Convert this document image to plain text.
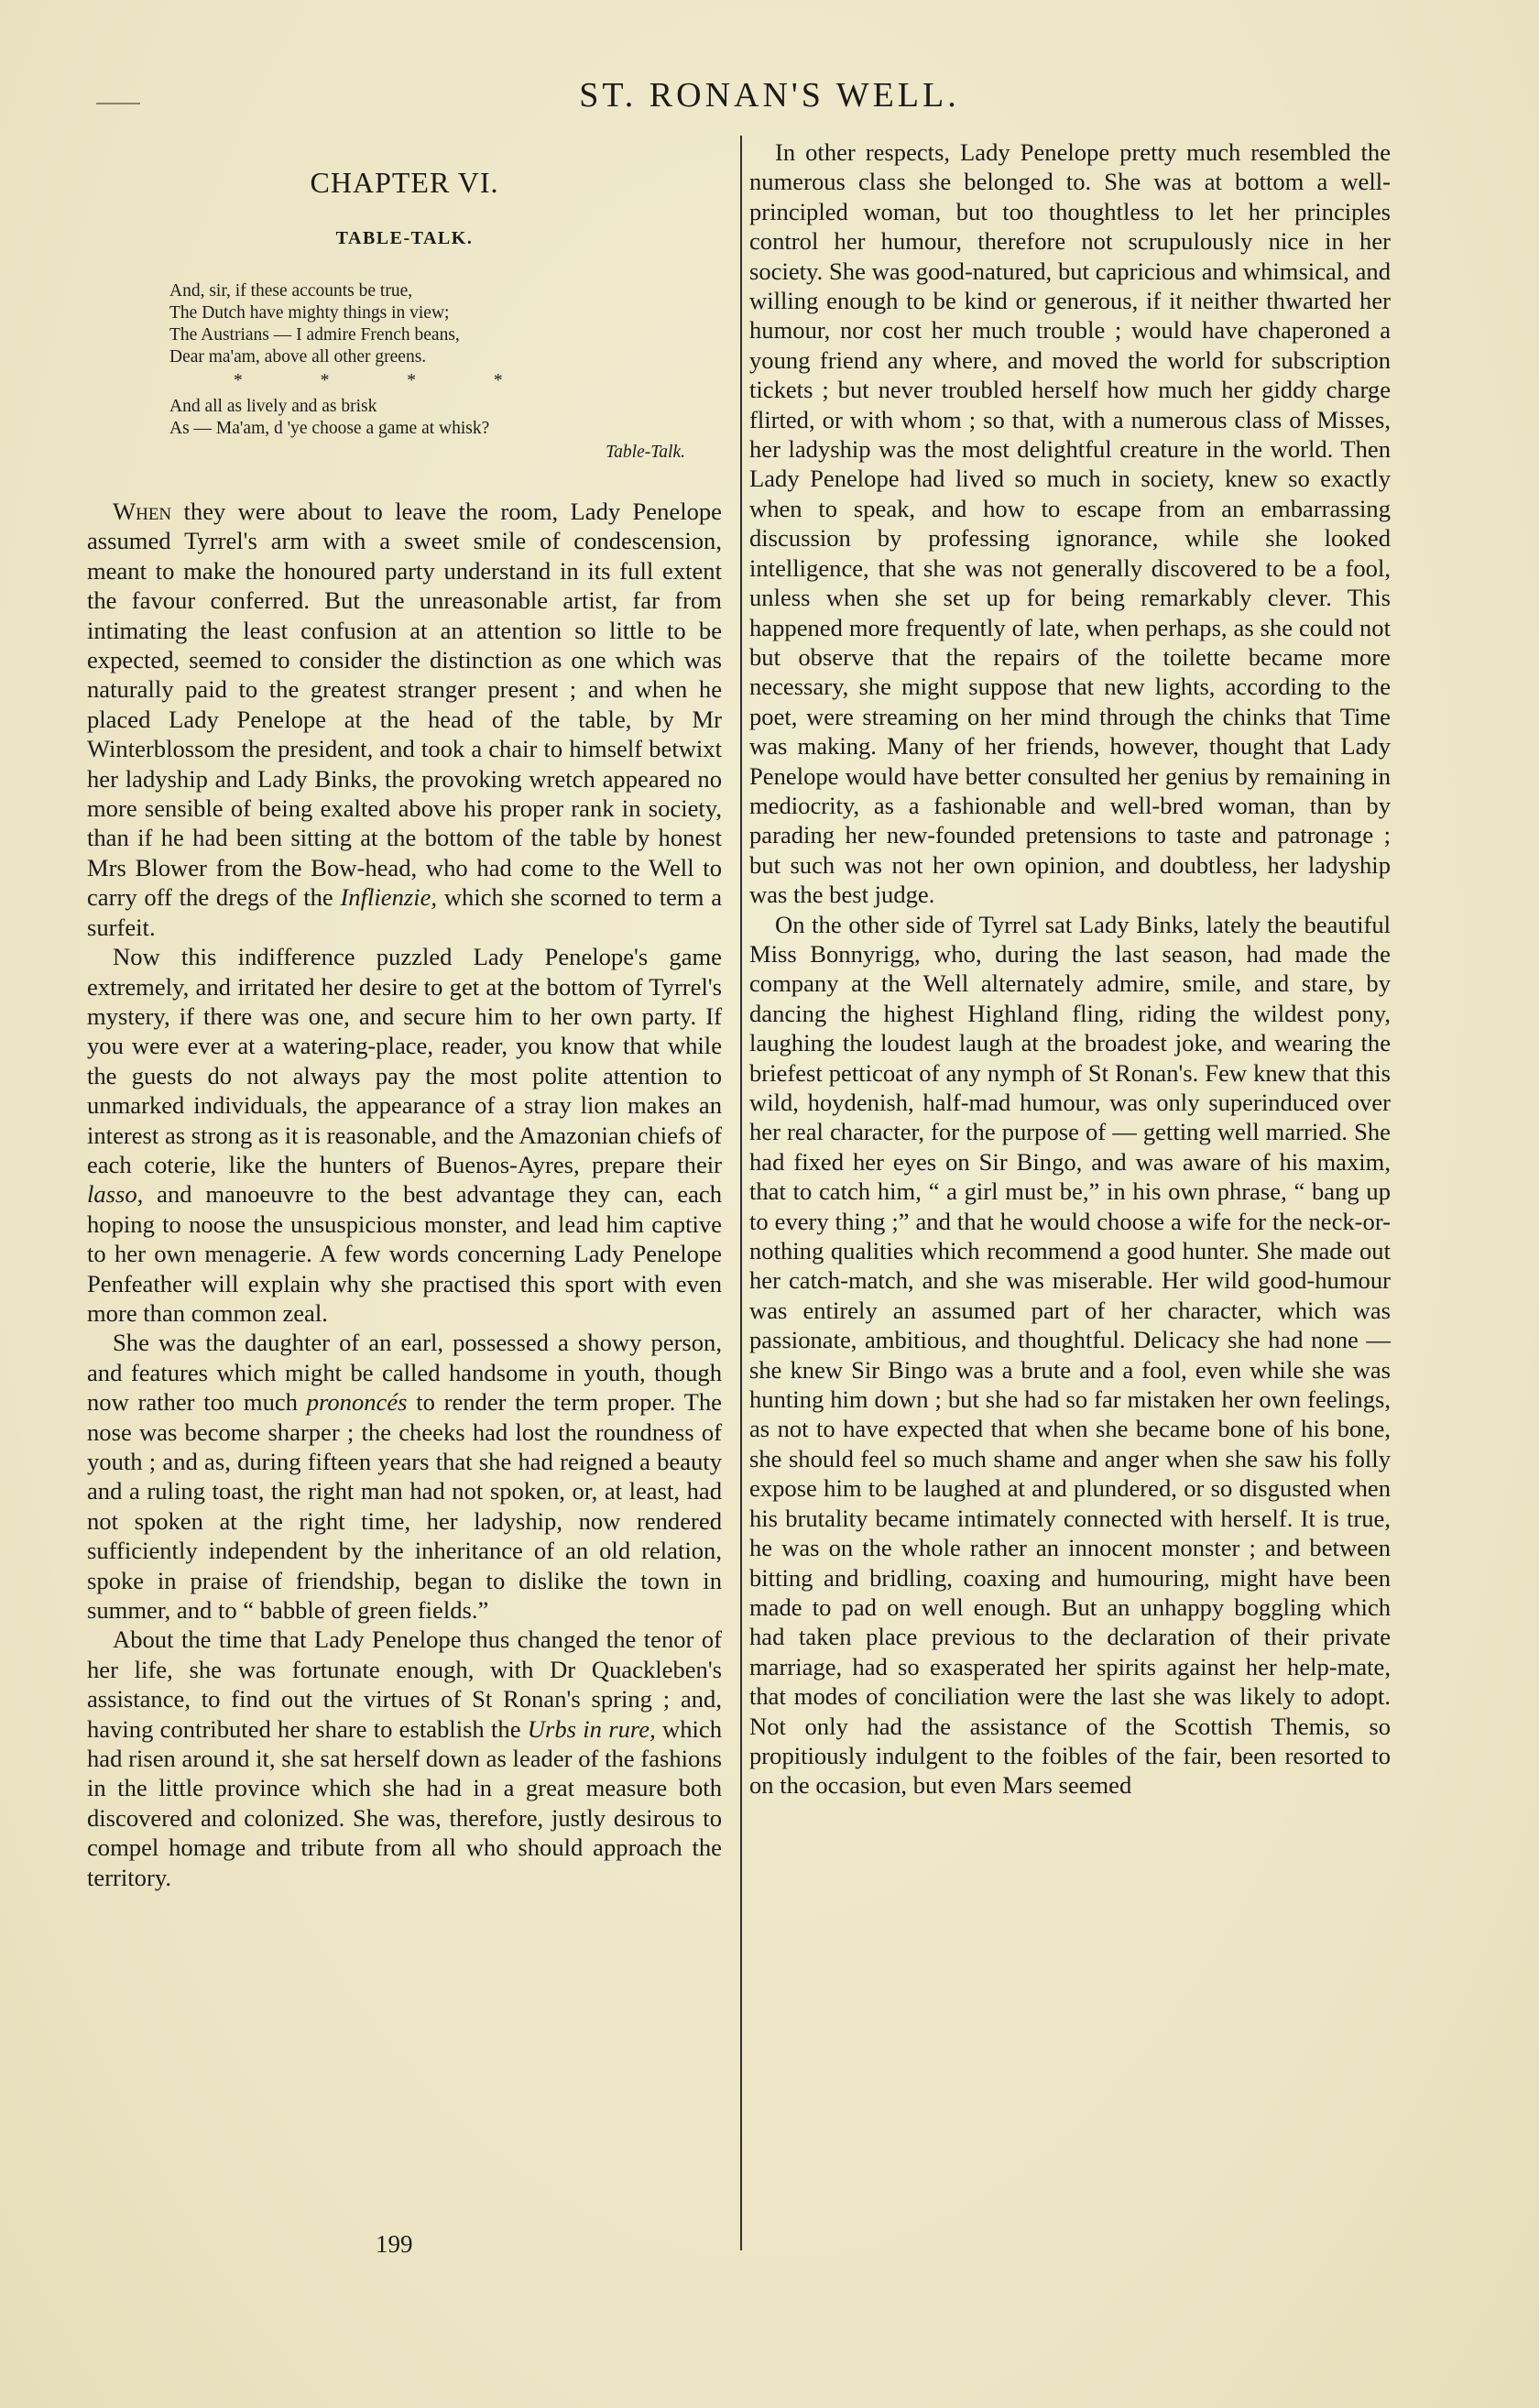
ST. RONAN'S WELL.
CHAPTER VI.
TABLE-TALK.
And, sir, if these accounts be true,
The Dutch have mighty things in view;
The Austrians — I admire French beans,
Dear ma'am, above all other greens.
* * * *
And all as lively and as brisk
As — Ma'am, d 'ye choose a game at whisk?
Table-Talk.

When they were about to leave the room, Lady Penelope assumed Tyrrel's arm with a sweet smile of condescension, meant to make the honoured party understand in its full extent the favour conferred. But the unreasonable artist, far from intimating the least confusion at an attention so little to be expected, seemed to consider the distinction as one which was naturally paid to the greatest stranger present ; and when he placed Lady Penelope at the head of the table, by Mr Winterblossom the president, and took a chair to himself betwixt her ladyship and Lady Binks, the provoking wretch appeared no more sensible of being exalted above his proper rank in society, than if he had been sitting at the bottom of the table by honest Mrs Blower from the Bow-head, who had come to the Well to carry off the dregs of the Inflienzie, which she scorned to term a surfeit.

Now this indifference puzzled Lady Penelope's game extremely, and irritated her desire to get at the bottom of Tyrrel's mystery, if there was one, and secure him to her own party. If you were ever at a watering-place, reader, you know that while the guests do not always pay the most polite attention to unmarked individuals, the appearance of a stray lion makes an interest as strong as it is reasonable, and the Amazonian chiefs of each coterie, like the hunters of Buenos-Ayres, prepare their lasso, and manoeuvre to the best advantage they can, each hoping to noose the unsuspicious monster, and lead him captive to her own menagerie. A few words concerning Lady Penelope Penfeather will explain why she practised this sport with even more than common zeal.

She was the daughter of an earl, possessed a showy person, and features which might be called handsome in youth, though now rather too much prononcés to render the term proper. The nose was become sharper ; the cheeks had lost the roundness of youth ; and as, during fifteen years that she had reigned a beauty and a ruling toast, the right man had not spoken, or, at least, had not spoken at the right time, her ladyship, now rendered sufficiently independent by the inheritance of an old relation, spoke in praise of friendship, began to dislike the town in summer, and to “ babble of green fields.”

About the time that Lady Penelope thus changed the tenor of her life, she was fortunate enough, with Dr Quackleben's assistance, to find out the virtues of St Ronan's spring ; and, having contributed her share to establish the Urbs in rure, which had risen around it, she sat herself down as leader of the fashions in the little province which she had in a great measure both discovered and colonized. She was, therefore, justly desirous to compel homage and tribute from all who should approach the territory.

In other respects, Lady Penelope pretty much resembled the numerous class she belonged to. She was at bottom a well-principled woman, but too thoughtless to let her principles control her humour, therefore not scrupulously nice in her society. She was good-natured, but capricious and whimsical, and willing enough to be kind or generous, if it neither thwarted her humour, nor cost her much trouble ; would have chaperoned a young friend any where, and moved the world for subscription tickets ; but never troubled herself how much her giddy charge flirted, or with whom ; so that, with a numerous class of Misses, her ladyship was the most delightful creature in the world. Then Lady Penelope had lived so much in society, knew so exactly when to speak, and how to escape from an embarrassing discussion by professing ignorance, while she looked intelligence, that she was not generally discovered to be a fool, unless when she set up for being remarkably clever. This happened more frequently of late, when perhaps, as she could not but observe that the repairs of the toilette became more necessary, she might suppose that new lights, according to the poet, were streaming on her mind through the chinks that Time was making. Many of her friends, however, thought that Lady Penelope would have better consulted her genius by remaining in mediocrity, as a fashionable and well-bred woman, than by parading her new-founded pretensions to taste and patronage ; but such was not her own opinion, and doubtless, her ladyship was the best judge.

On the other side of Tyrrel sat Lady Binks, lately the beautiful Miss Bonnyrigg, who, during the last season, had made the company at the Well alternately admire, smile, and stare, by dancing the highest Highland fling, riding the wildest pony, laughing the loudest laugh at the broadest joke, and wearing the briefest petticoat of any nymph of St Ronan's. Few knew that this wild, hoydenish, half-mad humour, was only superinduced over her real character, for the purpose of — getting well married. She had fixed her eyes on Sir Bingo, and was aware of his maxim, that to catch him, “ a girl must be,” in his own phrase, “ bang up to every thing ;” and that he would choose a wife for the neck-or-nothing qualities which recommend a good hunter. She made out her catch-match, and she was miserable. Her wild good-humour was entirely an assumed part of her character, which was passionate, ambitious, and thoughtful. Delicacy she had none — she knew Sir Bingo was a brute and a fool, even while she was hunting him down ; but she had so far mistaken her own feelings, as not to have expected that when she became bone of his bone, she should feel so much shame and anger when she saw his folly expose him to be laughed at and plundered, or so disgusted when his brutality became intimately connected with herself. It is true, he was on the whole rather an innocent monster ; and between bitting and bridling, coaxing and humouring, might have been made to pad on well enough. But an unhappy boggling which had taken place previous to the declaration of their private marriage, had so exasperated her spirits against her help-mate, that modes of conciliation were the last she was likely to adopt. Not only had the assistance of the Scottish Themis, so propitiously indulgent to the foibles of the fair, been resorted to on the occasion, but even Mars seemed

199
